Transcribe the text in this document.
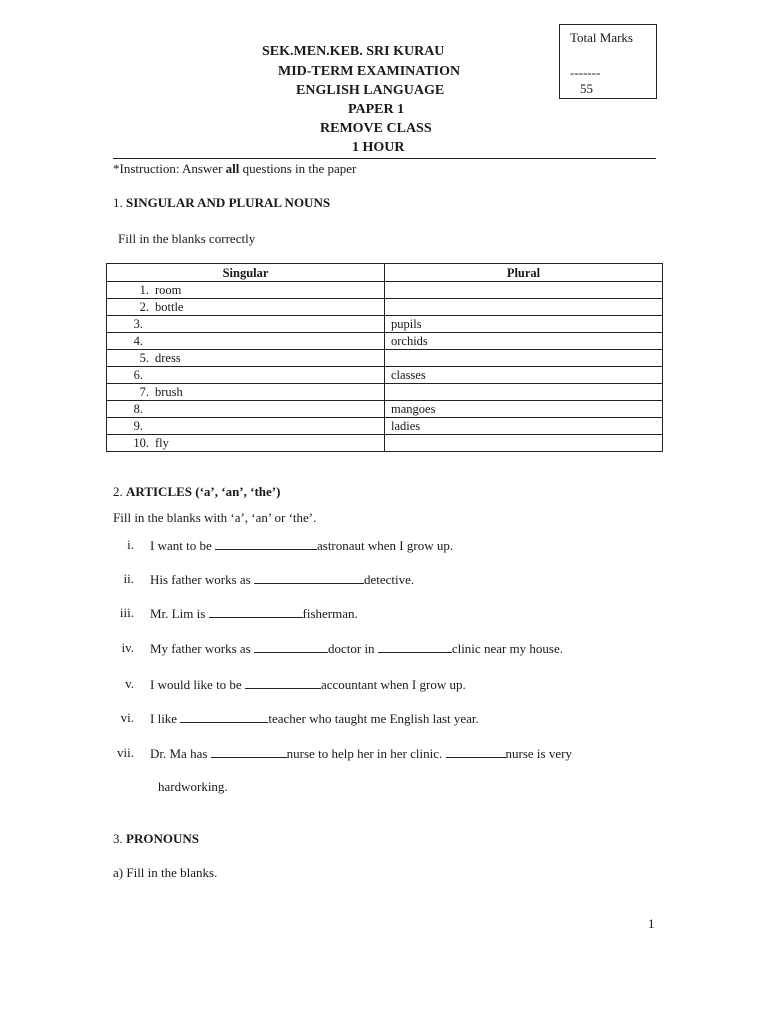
Total Marks
-------
55
SEK.MEN.KEB. SRI KURAU
MID-TERM EXAMINATION
ENGLISH LANGUAGE
PAPER 1
REMOVE CLASS
1 HOUR
*Instruction: Answer all questions in the paper
1. SINGULAR AND PLURAL NOUNS
Fill in the blanks correctly
Singular	Plural
1. room	
2. bottle	
3.	pupils
4.	orchids
5. dress	
6.	classes
7. brush	
8.	mangoes
9.	ladies
10. fly	
2. ARTICLES (‘a’, ‘an’, ‘the’)
Fill in the blanks with ‘a’, ‘an’ or ‘the’.
i. I want to be	astronaut when I grow up.
ii. His father works as	detective.
iii. Mr. Lim is	fisherman.
iv. My father works as	doctor in	clinic near my house.
v. I would like to be	accountant when I grow up.
vi. I like	teacher who taught me English last year.
vii. Dr. Ma has	nurse to help her in her clinic.	nurse is very
hardworking.
3. PRONOUNS
a) Fill in the blanks.
1
